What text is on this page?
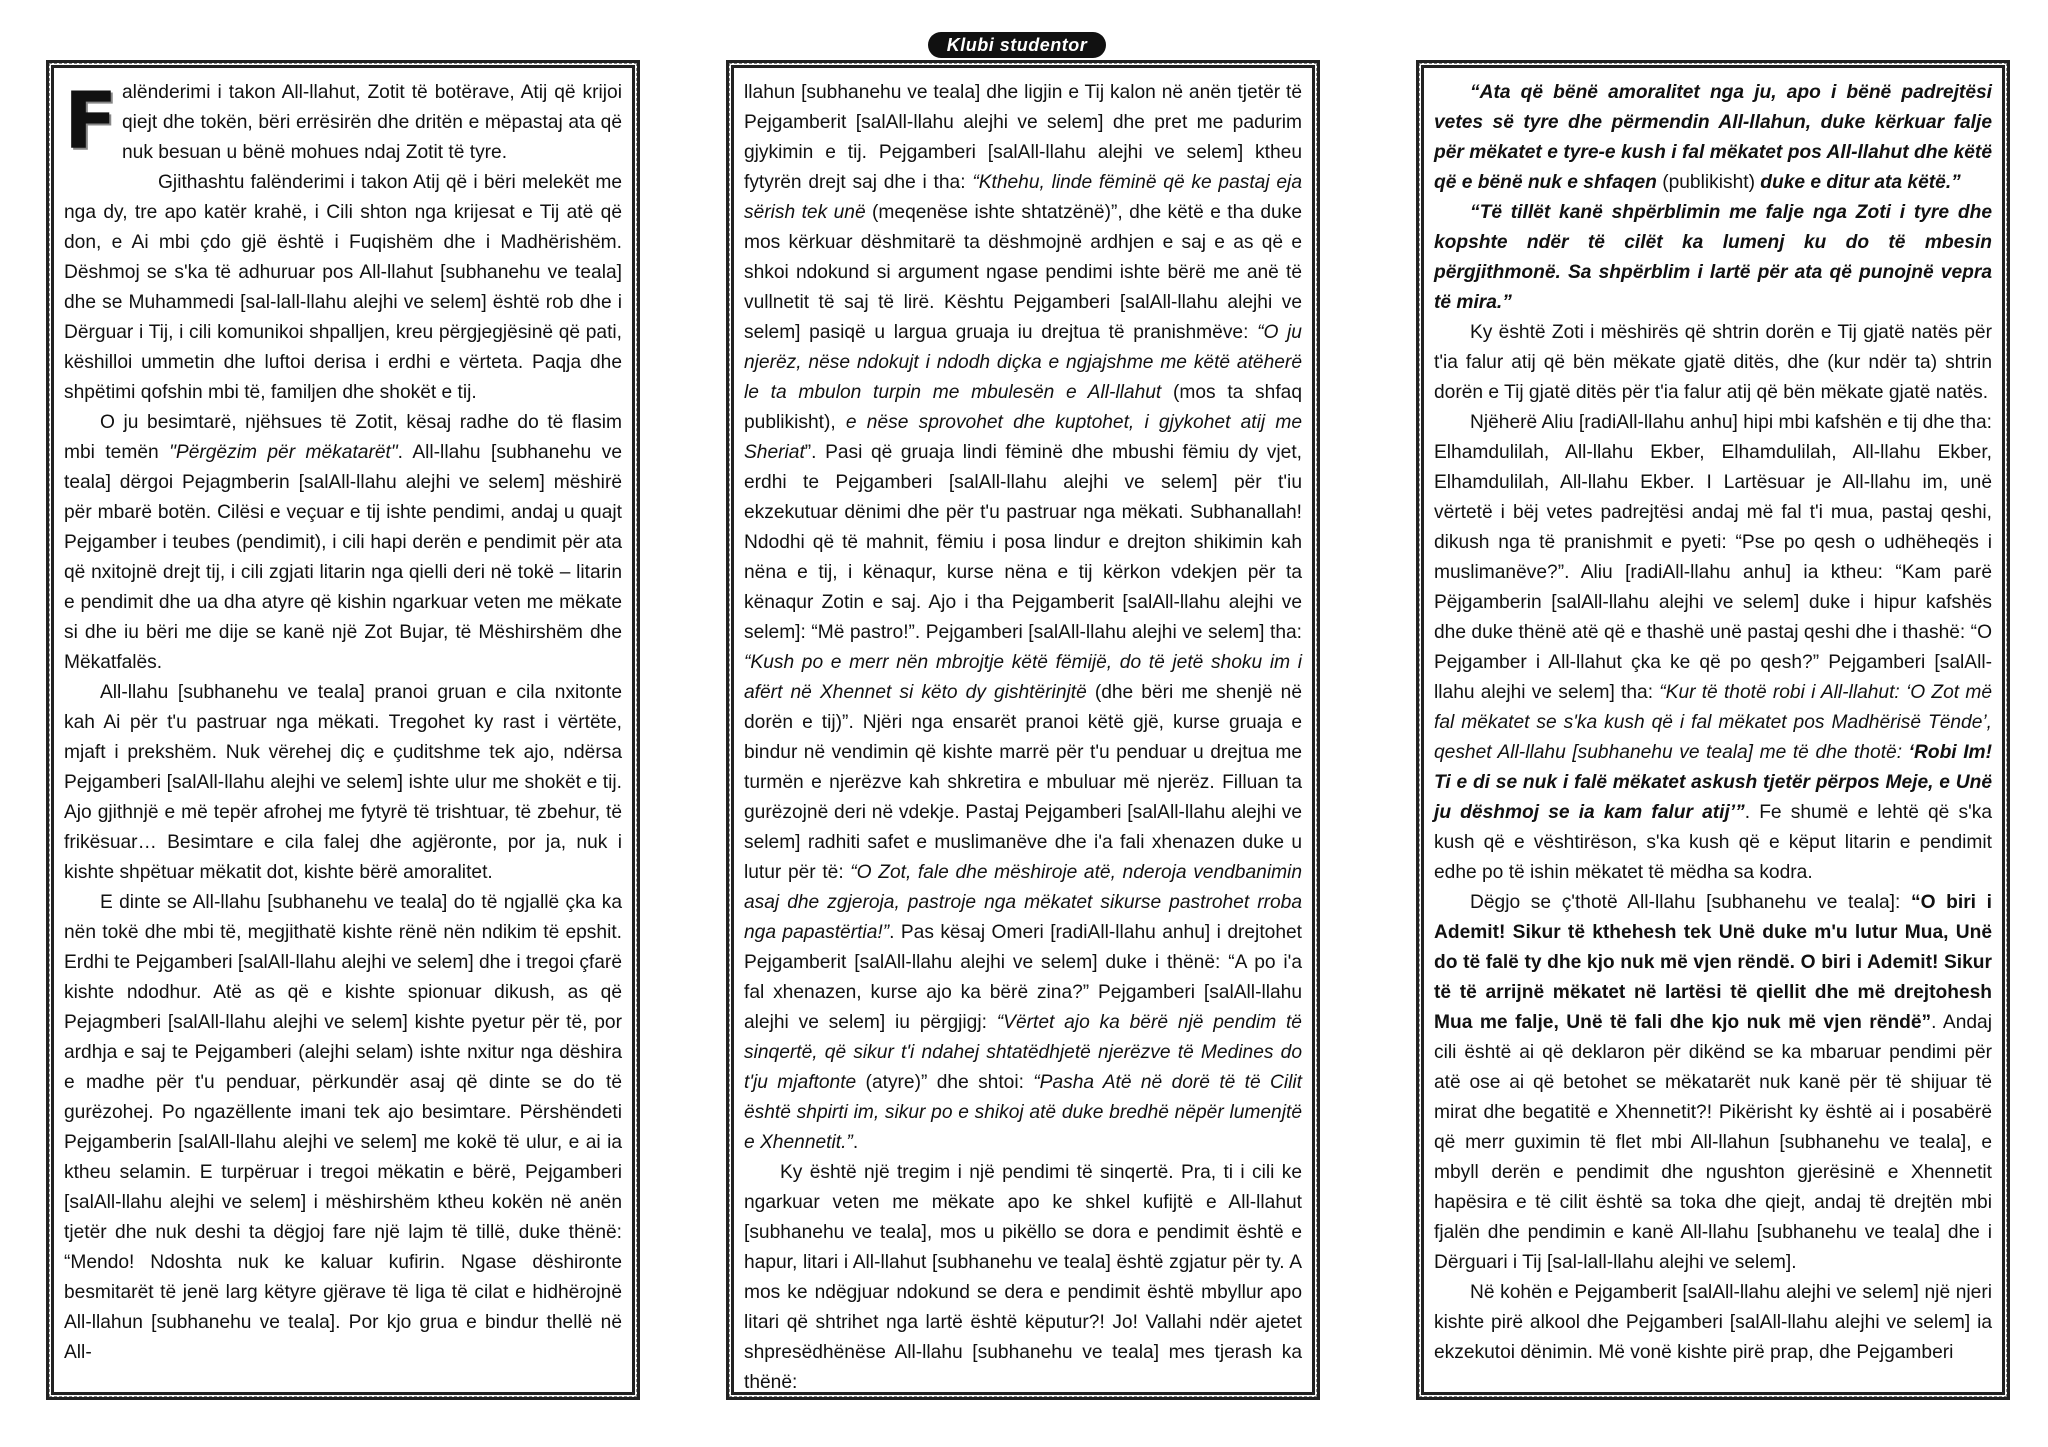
Klubi studentor

Falënderimi i takon All-llahut, Zotit të botërave, Atij që krijoi qiejt dhe tokën, bëri errësirën dhe dritën e mëpastaj ata që nuk besuan u bënë mohues ndaj Zotit të tyre.

Gjithashtu falënderimi i takon Atij që i bëri melekët me nga dy, tre apo katër krahë, i Cili shton nga krijesat e Tij atë që don, e Ai mbi çdo gjë është i Fuqishëm dhe i Madhërishëm. Dëshmoj se s'ka të adhuruar pos All-llahut [subhanehu ve teala] dhe se Muhammedi [sal-lall-llahu alejhi ve selem] është rob dhe i Dërguar i Tij, i cili komunikoi shpalljen, kreu përgjegjësinë që pati, këshilloi ummetin dhe luftoi derisa i erdhi e vërteta. Paqja dhe shpëtimi qofshin mbi të, familjen dhe shokët e tij.

O ju besimtarë, njëhsues të Zotit, kësaj radhe do të flasim mbi temën "Përgëzim për mëkatarët". All-llahu [subhanehu ve teala] dërgoi Pejagmberin [salAll-llahu alejhi ve selem] mëshirë për mbarë botën. Cilësi e veçuar e tij ishte pendimi, andaj u quajt Pejgamber i teubes (pendimit), i cili hapi derën e pendimit për ata që nxitojnë drejt tij, i cili zgjati litarin nga qielli deri në tokë – litarin e pendimit dhe ua dha atyre që kishin ngarkuar veten me mëkate si dhe iu bëri me dije se kanë një Zot Bujar, të Mëshirshëm dhe Mëkatfalës.

All-llahu [subhanehu ve teala] pranoi gruan e cila nxitonte kah Ai për t'u pastruar nga mëkati. Tregohet ky rast i vërtëte, mjaft i prekshëm. Nuk vërehej diç e çuditshme tek ajo, ndërsa Pejgamberi [salAll-llahu alejhi ve selem] ishte ulur me shokët e tij. Ajo gjithnjë e më tepër afrohej me fytyrë të trishtuar, të zbehur, të frikësuar… Besimtare e cila falej dhe agjëronte, por ja, nuk i kishte shpëtuar mëkatit dot, kishte bërë amoralitet.

E dinte se All-llahu [subhanehu ve teala] do të ngjallë çka ka nën tokë dhe mbi të, megjithatë kishte rënë nën ndikim të epshit. Erdhi te Pejgamberi [salAll-llahu alejhi ve selem] dhe i tregoi çfarë kishte ndodhur. Atë as që e kishte spionuar dikush, as që Pejagmberi [salAll-llahu alejhi ve selem] kishte pyetur për të, por ardhja e saj te Pejgamberi (alejhi selam) ishte nxitur nga dëshira e madhe për t'u penduar, përkundër asaj që dinte se do të gurëzohej. Po ngazëllente imani tek ajo besimtare. Përshëndeti Pejgamberin [salAll-llahu alejhi ve selem] me kokë të ulur, e ai ia ktheu selamin. E turpëruar i tregoi mëkatin e bërë, Pejgamberi [salAll-llahu alejhi ve selem] i mëshirshëm ktheu kokën në anën tjetër dhe nuk deshi ta dëgjoj fare një lajm të tillë, duke thënë: “Mendo! Ndoshta nuk ke kaluar kufirin. Ngase dëshironte besmitarët të jenë larg këtyre gjërave të liga të cilat e hidhërojnë All-llahun [subhanehu ve teala]. Por kjo grua e bindur thellë në All-

llahun [subhanehu ve teala] dhe ligjin e Tij kalon në anën tjetër të Pejgamberit [salAll-llahu alejhi ve selem] dhe pret me padurim gjykimin e tij. Pejgamberi [salAll-llahu alejhi ve selem] ktheu fytyrën drejt saj dhe i tha: “Kthehu, linde fëminë që ke pastaj eja sërish tek unë (meqenëse ishte shtatzënë)”, dhe këtë e tha duke mos kërkuar dëshmitarë ta dëshmojnë ardhjen e saj e as që e shkoi ndokund si argument ngase pendimi ishte bërë me anë të vullnetit të saj të lirë. Kështu Pejgamberi [salAll-llahu alejhi ve selem] pasiqë u largua gruaja iu drejtua të pranishmëve: “O ju njerëz, nëse ndokujt i ndodh diçka e ngjajshme me këtë atëherë le ta mbulon turpin me mbulesën e All-llahut (mos ta shfaq publikisht), e nëse sprovohet dhe kuptohet, i gjykohet atij me Sheriat”. Pasi që gruaja lindi fëminë dhe mbushi fëmiu dy vjet, erdhi te Pejgamberi [salAll-llahu alejhi ve selem] për t'iu ekzekutuar dënimi dhe për t'u pastruar nga mëkati. Subhanallah! Ndodhi që të mahnit, fëmiu i posa lindur e drejton shikimin kah nëna e tij, i kënaqur, kurse nëna e tij kërkon vdekjen për ta kënaqur Zotin e saj. Ajo i tha Pejgamberit [salAll-llahu alejhi ve selem]: “Më pastro!”. Pejgamberi [salAll-llahu alejhi ve selem] tha: “Kush po e merr nën mbrojtje këtë fëmijë, do të jetë shoku im i afërt në Xhennet si këto dy gishtërinjtë (dhe bëri me shenjë në dorën e tij)”. Njëri nga ensarët pranoi këtë gjë, kurse gruaja e bindur në vendimin që kishte marrë për t'u penduar u drejtua me turmën e njerëzve kah shkretira e mbuluar më njerëz. Filluan ta gurëzojnë deri në vdekje. Pastaj Pejgamberi [salAll-llahu alejhi ve selem] radhiti safet e muslimanëve dhe i'a fali xhenazen duke u lutur për të: “O Zot, fale dhe mëshiroje atë, nderoja vendbanimin asaj dhe zgjeroja, pastroje nga mëkatet sikurse pastrohet rroba nga papastërtia!”. Pas kësaj Omeri [radiAll-llahu anhu] i drejtohet Pejgamberit [salAll-llahu alejhi ve selem] duke i thënë: “A po i'a fal xhenazen, kurse ajo ka bërë zina?” Pejgamberi [salAll-llahu alejhi ve selem] iu përgjigj: “Vërtet ajo ka bërë një pendim të sinqertë, që sikur t'i ndahej shtatëdhjetë njerëzve të Medines do t'ju mjaftonte (atyre)” dhe shtoi: “Pasha Atë në dorë të të Cilit është shpirti im, sikur po e shikoj atë duke bredhë nëpër lumenjtë e Xhennetit.”.

Ky është një tregim i një pendimi të sinqertë. Pra, ti i cili ke ngarkuar veten me mëkate apo ke shkel kufijtë e All-llahut [subhanehu ve teala], mos u pikëllo se dora e pendimit është e hapur, litari i All-llahut [subhanehu ve teala] është zgjatur për ty. A mos ke ndëgjuar ndokund se dera e pendimit është mbyllur apo litari që shtrihet nga lartë është këputur?! Jo! Vallahi ndër ajetet shpresëdhënëse All-llahu [subhanehu ve teala] mes tjerash ka thënë:

“Ata që bënë amoralitet nga ju, apo i bënë padrejtësi vetes së tyre dhe përmendin All-llahun, duke kërkuar falje për mëkatet e tyre-e kush i fal mëkatet pos All-llahut dhe këtë që e bënë nuk e shfaqen (publikisht) duke e ditur ata këtë.”

“Të tillët kanë shpërblimin me falje nga Zoti i tyre dhe kopshte ndër të cilët ka lumenj ku do të mbesin përgjithmonë. Sa shpërblim i lartë për ata që punojnë vepra të mira.”

Ky është Zoti i mëshirës që shtrin dorën e Tij gjatë natës për t'ia falur atij që bën mëkate gjatë ditës, dhe (kur ndër ta) shtrin dorën e Tij gjatë ditës për t'ia falur atij që bën mëkate gjatë natës.

Njëherë Aliu [radiAll-llahu anhu] hipi mbi kafshën e tij dhe tha: Elhamdulilah, All-llahu Ekber, Elhamdulilah, All-llahu Ekber, Elhamdulilah, All-llahu Ekber. I Lartësuar je All-llahu im, unë vërtetë i bëj vetes padrejtësi andaj më fal t'i mua, pastaj qeshi, dikush nga të pranishmit e pyeti: “Pse po qesh o udhëheqës i muslimanëve?”. Aliu [radiAll-llahu anhu] ia ktheu: “Kam parë Pëjgamberin [salAll-llahu alejhi ve selem] duke i hipur kafshës dhe duke thënë atë që e thashë unë pastaj qeshi dhe i thashë: “O Pejgamber i All-llahut çka ke që po qesh?” Pejgamberi [salAll-llahu alejhi ve selem] tha: “Kur të thotë robi i All-llahut: ‘O Zot më fal mëkatet se s'ka kush që i fal mëkatet pos Madhërisë Tënde’, qeshet All-llahu [subhanehu ve teala] me të dhe thotë: ‘Robi Im! Ti e di se nuk i falë mëkatet askush tjetër përpos Meje, e Unë ju dëshmoj se ia kam falur atij’”. Fe shumë e lehtë që s'ka kush që e vështirëson, s'ka kush që e këput litarin e pendimit edhe po të ishin mëkatet të mëdha sa kodra.

Dëgjo se ç'thotë All-llahu [subhanehu ve teala]: “O biri i Ademit! Sikur të kthehesh tek Unë duke m'u lutur Mua, Unë do të falë ty dhe kjo nuk më vjen rëndë. O biri i Ademit! Sikur të të arrijnë mëkatet në lartësi të qiellit dhe më drejtohesh Mua me falje, Unë të fali dhe kjo nuk më vjen rëndë”. Andaj cili është ai që deklaron për dikënd se ka mbaruar pendimi për atë ose ai që betohet se mëkatarët nuk kanë për të shijuar të mirat dhe begatitë e Xhennetit?! Pikërisht ky është ai i posabërë që merr guximin të flet mbi All-llahun [subhanehu ve teala], e mbyll derën e pendimit dhe ngushton gjerësinë e Xhennetit hapësira e të cilit është sa toka dhe qiejt, andaj të drejtën mbi fjalën dhe pendimin e kanë All-llahu [subhanehu ve teala] dhe i Dërguari i Tij [sal-lall-llahu alejhi ve selem].

Në kohën e Pejgamberit [salAll-llahu alejhi ve selem] një njeri kishte pirë alkool dhe Pejgamberi [salAll-llahu alejhi ve selem] ia ekzekutoi dënimin. Më vonë kishte pirë prap, dhe Pejgamberi
